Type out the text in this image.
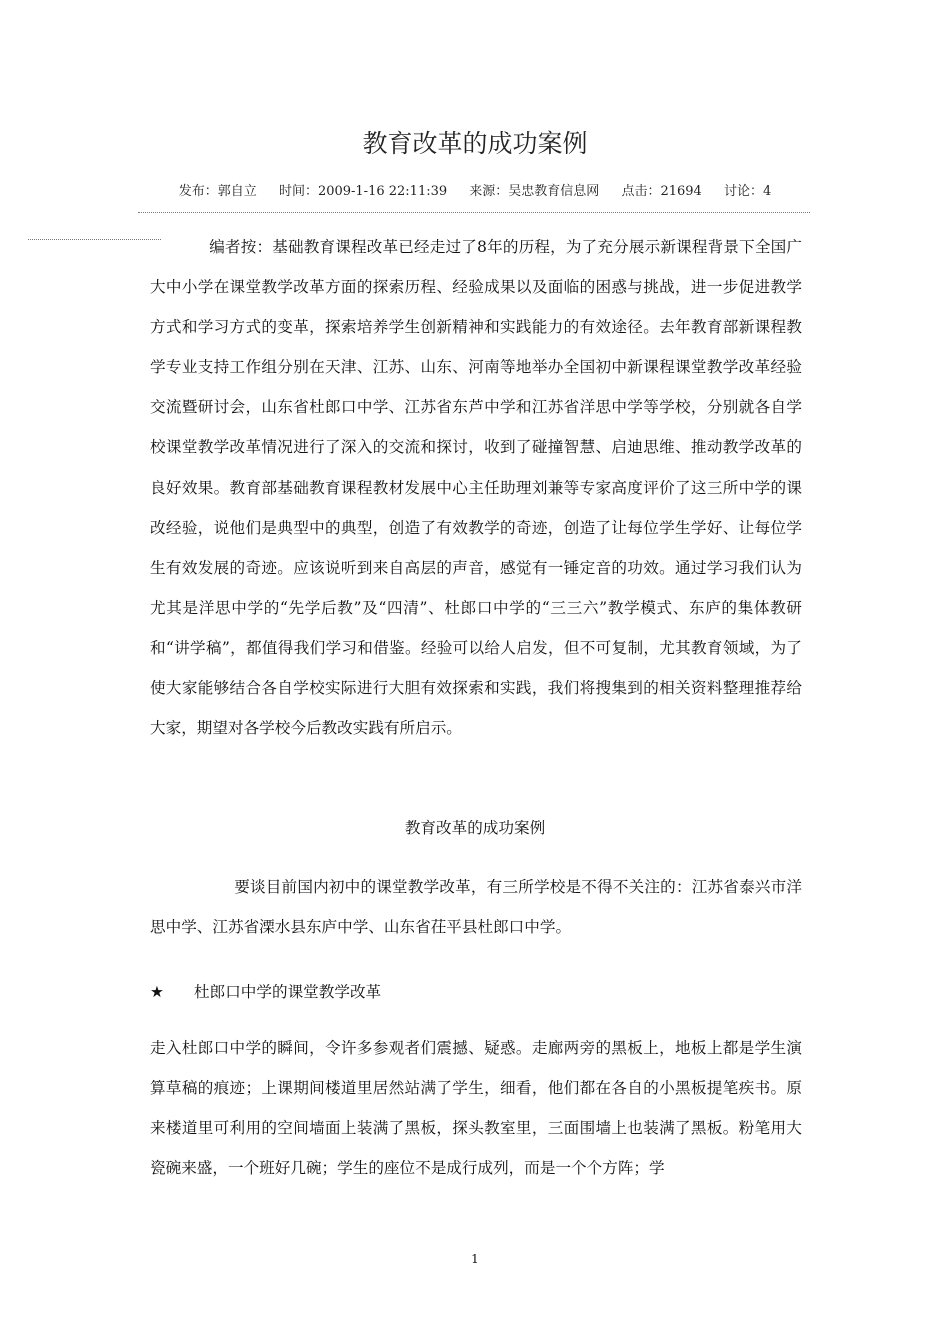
教育改革的成功案例
发布：郭自立 时间：2009-1-16 22:11:39 来源：吴忠教育信息网 点击：21694 讨论：4

编者按：基础教育课程改革已经走过了8年的历程，为了充分展示新课程背景下全国广大中小学在课堂教学改革方面的探索历程、经验成果以及面临的困惑与挑战，进一步促进教学方式和学习方式的变革，探索培养学生创新精神和实践能力的有效途径。去年教育部新课程教学专业支持工作组分别在天津、江苏、山东、河南等地举办全国初中新课程课堂教学改革经验交流暨研讨会，山东省杜郎口中学、江苏省东芦中学和江苏省洋思中学等学校，分别就各自学校课堂教学改革情况进行了深入的交流和探讨，收到了碰撞智慧、启迪思维、推动教学改革的良好效果。教育部基础教育课程教材发展中心主任助理刘兼等专家高度评价了这三所中学的课改经验，说他们是典型中的典型，创造了有效教学的奇迹，创造了让每位学生学好、让每位学生有效发展的奇迹。应该说听到来自高层的声音，感觉有一锤定音的功效。通过学习我们认为尤其是洋思中学的“先学后教”及“四清”、杜郎口中学的“三三六”教学模式、东庐的集体教研和“讲学稿”，都值得我们学习和借鉴。经验可以给人启发，但不可复制，尤其教育领域，为了使大家能够结合各自学校实际进行大胆有效探索和实践，我们将搜集到的相关资料整理推荐给大家，期望对各学校今后教改实践有所启示。

教育改革的成功案例

要谈目前国内初中的课堂教学改革，有三所学校是不得不关注的：江苏省泰兴市洋思中学、江苏省溧水县东庐中学、山东省茌平县杜郎口中学。

★ 杜郎口中学的课堂教学改革

走入杜郎口中学的瞬间，令许多参观者们震撼、疑惑。走廊两旁的黑板上，地板上都是学生演算草稿的痕迹；上课期间楼道里居然站满了学生，细看，他们都在各自的小黑板提笔疾书。原来楼道里可利用的空间墙面上装满了黑板，探头教室里，三面围墙上也装满了黑板。粉笔用大瓷碗来盛，一个班好几碗；学生的座位不是成行成列，而是一个个方阵；学

1
